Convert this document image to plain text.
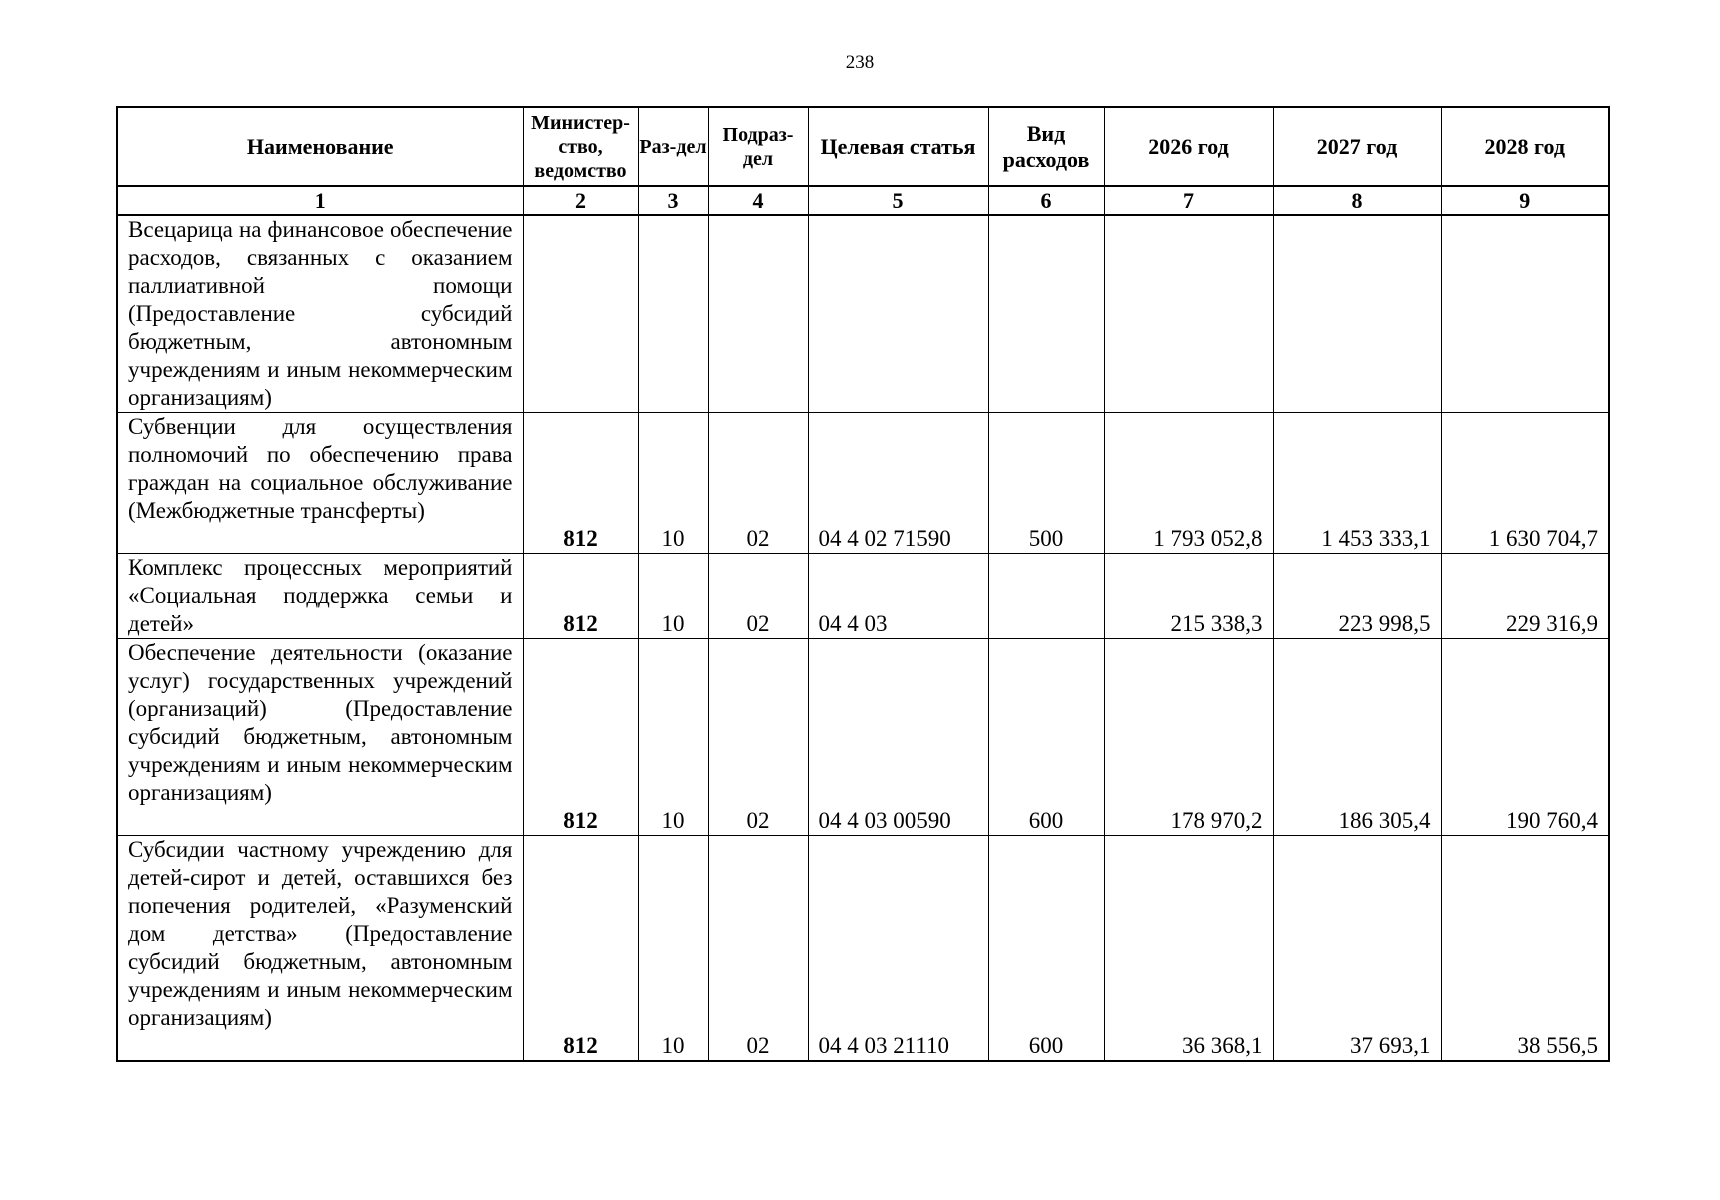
238
Наименование	Министер-ство, ведомство	Раз-дел	Подраз-дел	Целевая статья	Вид расходов	2026 год	2027 год	2028 год
1	2	3	4	5	6	7	8	9
Всецарица на финансовое обеспечение расходов, связанных с оказанием паллиативной помощи (Предоставление субсидий бюджетным, автономным учреждениям и иным некоммерческим организациям)								
Субвенции для осуществления полномочий по обеспечению права граждан на социальное обслуживание (Межбюджетные трансферты)	812	10	02	04 4 02 71590	500	1 793 052,8	1 453 333,1	1 630 704,7
Комплекс процессных мероприятий «Социальная поддержка семьи и детей»	812	10	02	04 4 03		215 338,3	223 998,5	229 316,9
Обеспечение деятельности (оказание услуг) государственных учреждений (организаций) (Предоставление субсидий бюджетным, автономным учреждениям и иным некоммерческим организациям)	812	10	02	04 4 03 00590	600	178 970,2	186 305,4	190 760,4
Субсидии частному учреждению для детей-сирот и детей, оставшихся без попечения родителей, «Разуменский дом детства» (Предоставление субсидий бюджетным, автономным учреждениям и иным некоммерческим организациям)	812	10	02	04 4 03 21110	600	36 368,1	37 693,1	38 556,5
